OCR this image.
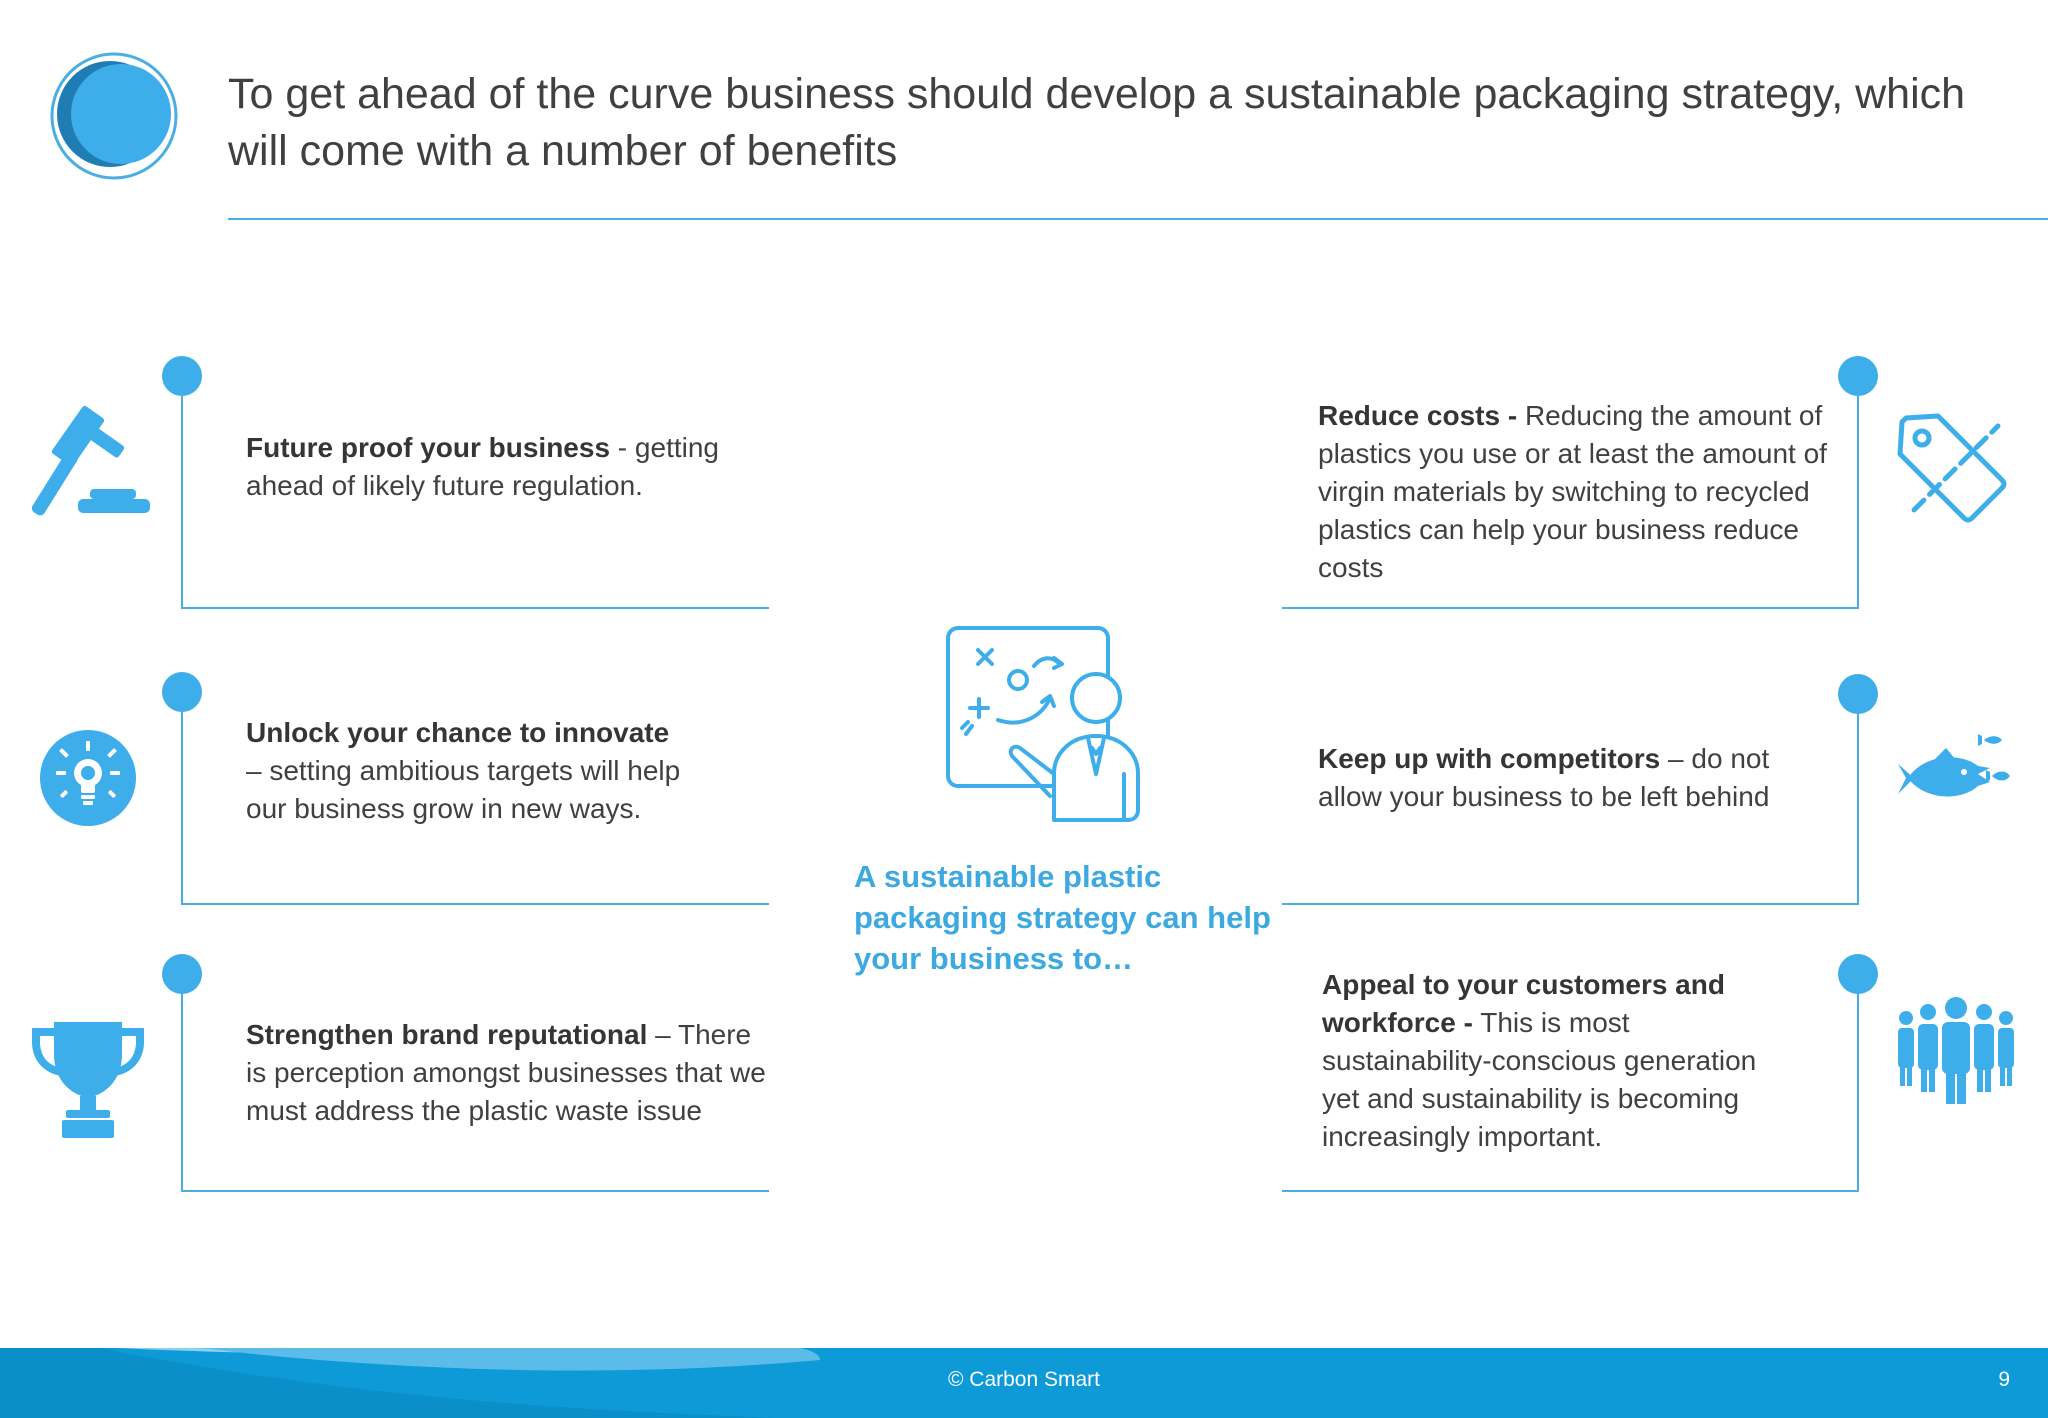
To get ahead of the curve business should develop a sustainable packaging strategy, which will come with a number of benefits
Future proof your business - getting ahead of likely future regulation.
Unlock your chance to innovate – setting ambitious targets will help our business grow in new ways.
Strengthen brand reputational – There is perception amongst businesses that we must address the plastic waste issue
Reduce costs - Reducing the amount of plastics you use or at least the amount of virgin materials by switching to recycled plastics can help your business reduce costs
Keep up with competitors – do not allow your business to be left behind
Appeal to your customers and workforce - This is most sustainability-conscious generation yet and sustainability is becoming increasingly important.
A sustainable plastic packaging strategy can help your business to…
© Carbon Smart	9
